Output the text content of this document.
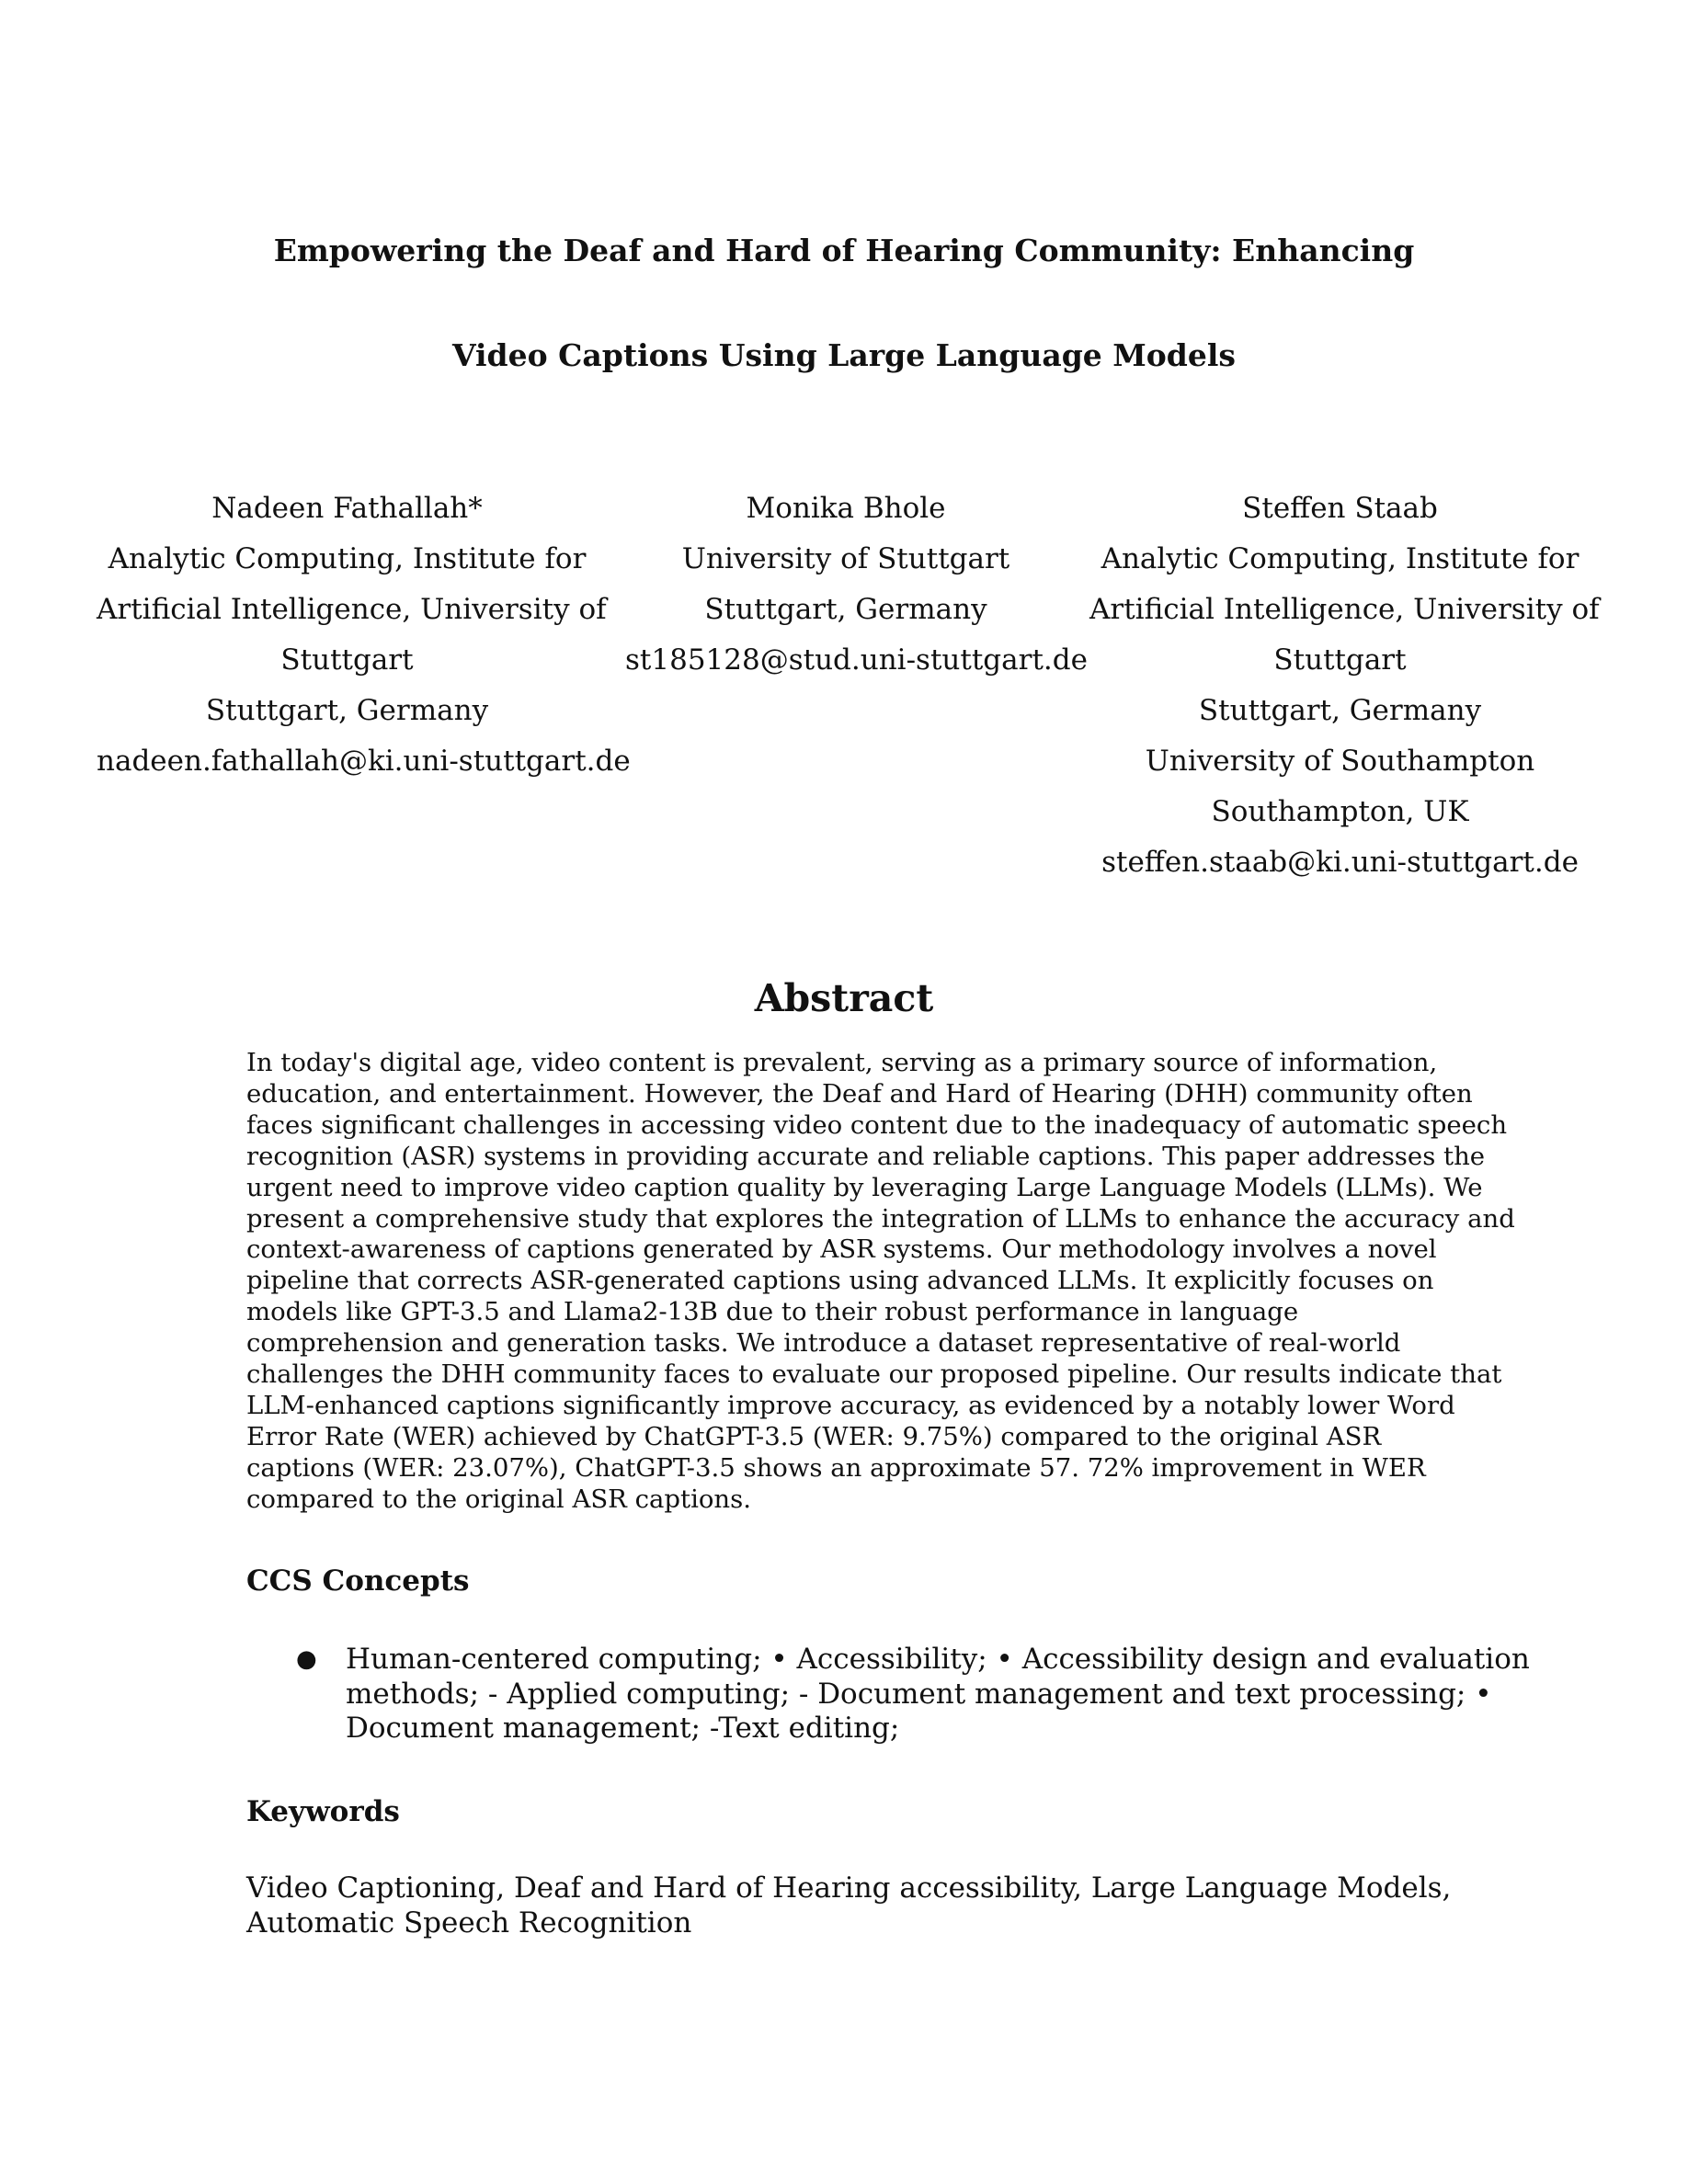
Empowering the Deaf and Hard of Hearing Community: Enhancing
Video Captions Using Large Language Models
Nadeen Fathallah*
Analytic Computing, Institute for
Artificial Intelligence, University of
Stuttgart
Stuttgart, Germany
nadeen.fathallah@ki.uni-stuttgart.de
Monika Bhole
University of Stuttgart
Stuttgart, Germany
st185128@stud.uni-stuttgart.de
Steffen Staab
Analytic Computing, Institute for
Artificial Intelligence, University of
Stuttgart
Stuttgart, Germany
University of Southampton
Southampton, UK
steffen.staab@ki.uni-stuttgart.de
Abstract
In today's digital age, video content is prevalent, serving as a primary source of information,
education, and entertainment. However, the Deaf and Hard of Hearing (DHH) community often
faces significant challenges in accessing video content due to the inadequacy of automatic speech
recognition (ASR) systems in providing accurate and reliable captions. This paper addresses the
urgent need to improve video caption quality by leveraging Large Language Models (LLMs). We
present a comprehensive study that explores the integration of LLMs to enhance the accuracy and
context-awareness of captions generated by ASR systems. Our methodology involves a novel
pipeline that corrects ASR-generated captions using advanced LLMs. It explicitly focuses on
models like GPT-3.5 and Llama2-13B due to their robust performance in language
comprehension and generation tasks. We introduce a dataset representative of real-world
challenges the DHH community faces to evaluate our proposed pipeline. Our results indicate that
LLM-enhanced captions significantly improve accuracy, as evidenced by a notably lower Word
Error Rate (WER) achieved by ChatGPT-3.5 (WER: 9.75%) compared to the original ASR
captions (WER: 23.07%), ChatGPT-3.5 shows an approximate 57. 72% improvement in WER
compared to the original ASR captions.
CCS Concepts
● Human-centered computing; • Accessibility; • Accessibility design and evaluation
methods; - Applied computing; - Document management and text processing; •
Document management; -Text editing;
Keywords
Video Captioning, Deaf and Hard of Hearing accessibility, Large Language Models,
Automatic Speech Recognition
